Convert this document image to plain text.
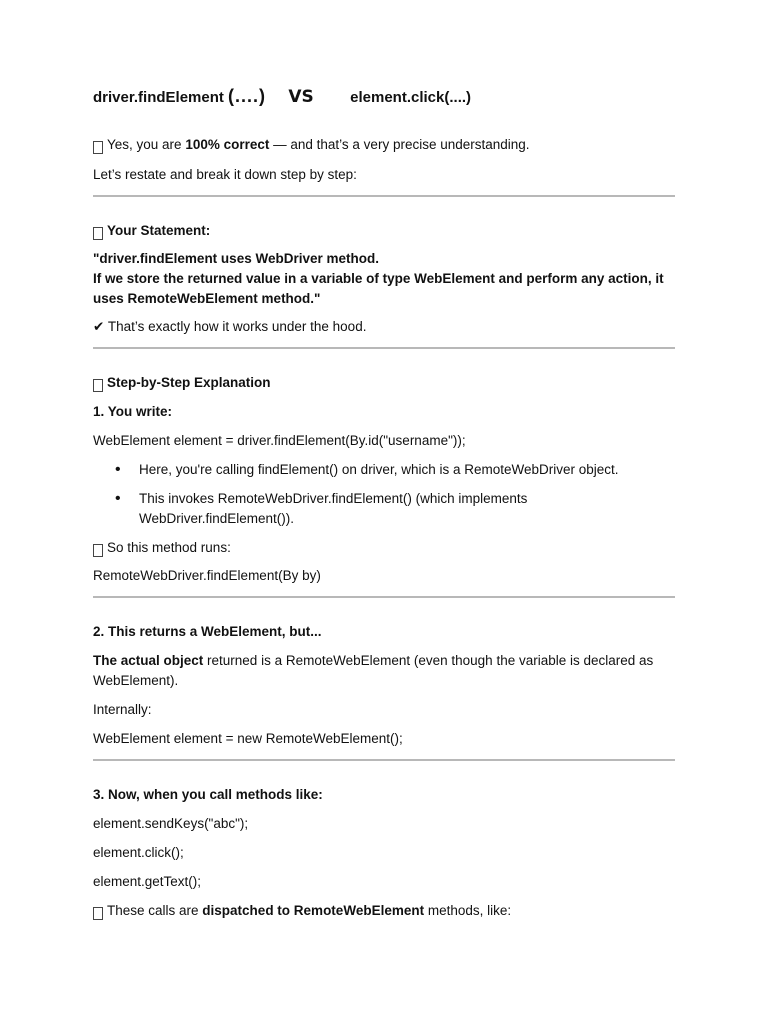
driver.findElement (....) VS element.click(....)
Yes, you are 100% correct — and that’s a very precise understanding.
Let’s restate and break it down step by step:
Your Statement:
"driver.findElement uses WebDriver method.
If we store the returned value in a variable of type WebElement and perform any action, it uses RemoteWebElement method."
✔ That’s exactly how it works under the hood.
Step-by-Step Explanation
1. You write:
WebElement element = driver.findElement(By.id("username"));
• Here, you're calling findElement() on driver, which is a RemoteWebDriver object.
• This invokes RemoteWebDriver.findElement() (which implements WebDriver.findElement()).
So this method runs:
RemoteWebDriver.findElement(By by)
2. This returns a WebElement, but...
The actual object returned is a RemoteWebElement (even though the variable is declared as WebElement).
Internally:
WebElement element = new RemoteWebElement();
3. Now, when you call methods like:
element.sendKeys("abc");
element.click();
element.getText();
These calls are dispatched to RemoteWebElement methods, like:
